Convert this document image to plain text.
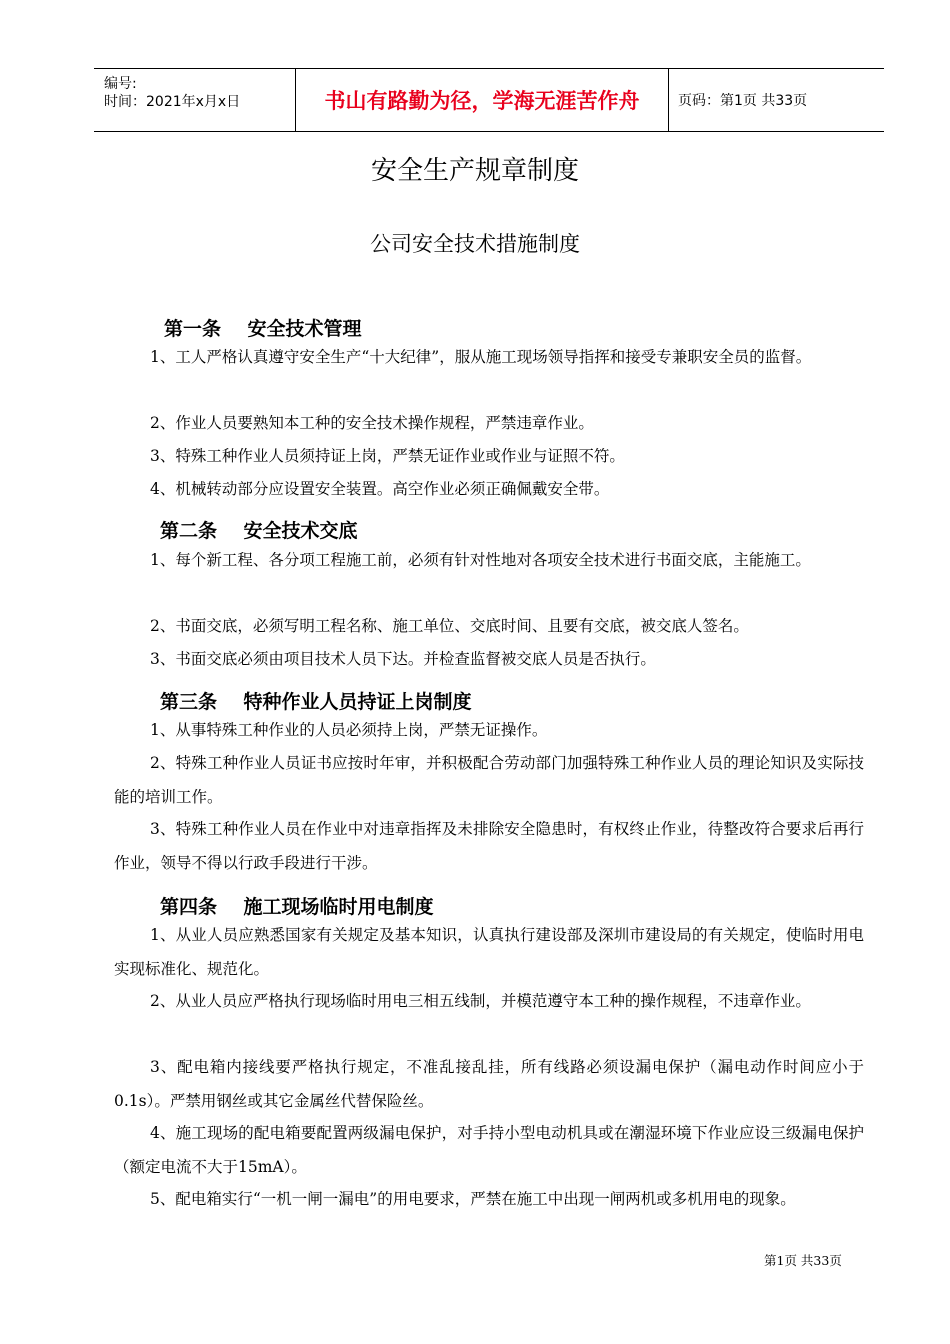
编号:
时间：2021年x月x日	书山有路勤为径，学海无涯苦作舟	页码：第1页 共33页
安全生产规章制度
公司安全技术措施制度
第一条    安全技术管理

1、工人严格认真遵守安全生产“十大纪律”，服从施工现场领导指挥和接受专兼职安全员的监督。

2、作业人员要熟知本工种的安全技术操作规程，严禁违章作业。

3、特殊工种作业人员须持证上岗，严禁无证作业或作业与证照不符。

4、机械转动部分应设置安全装置。高空作业必须正确佩戴安全带。

第二条    安全技术交底

1、每个新工程、各分项工程施工前，必须有针对性地对各项安全技术进行书面交底，主能施工。

2、书面交底，必须写明工程名称、施工单位、交底时间、且要有交底，被交底人签名。

3、书面交底必须由项目技术人员下达。并检查监督被交底人员是否执行。

第三条    特种作业人员持证上岗制度

1、从事特殊工种作业的人员必须持上岗，严禁无证操作。

2、特殊工种作业人员证书应按时年审，并积极配合劳动部门加强特殊工种作业人员的理论知识及实际技能的培训工作。

3、特殊工种作业人员在作业中对违章指挥及未排除安全隐患时，有权终止作业，待整改符合要求后再行作业，领导不得以行政手段进行干涉。

第四条    施工现场临时用电制度

1、从业人员应熟悉国家有关规定及基本知识，认真执行建设部及深圳市建设局的有关规定，使临时用电实现标准化、规范化。

2、从业人员应严格执行现场临时用电三相五线制，并模范遵守本工种的操作规程，不违章作业。

3、配电箱内接线要严格执行规定，不准乱接乱挂，所有线路必须设漏电保护（漏电动作时间应小于0.1s）。严禁用钢丝或其它金属丝代替保险丝。

4、施工现场的配电箱要配置两级漏电保护，对手持小型电动机具或在潮湿环境下作业应设三级漏电保护（额定电流不大于15mA）。

5、配电箱实行“一机一闸一漏电”的用电要求，严禁在施工中出现一闸两机或多机用电的现象。

第1页 共33页
